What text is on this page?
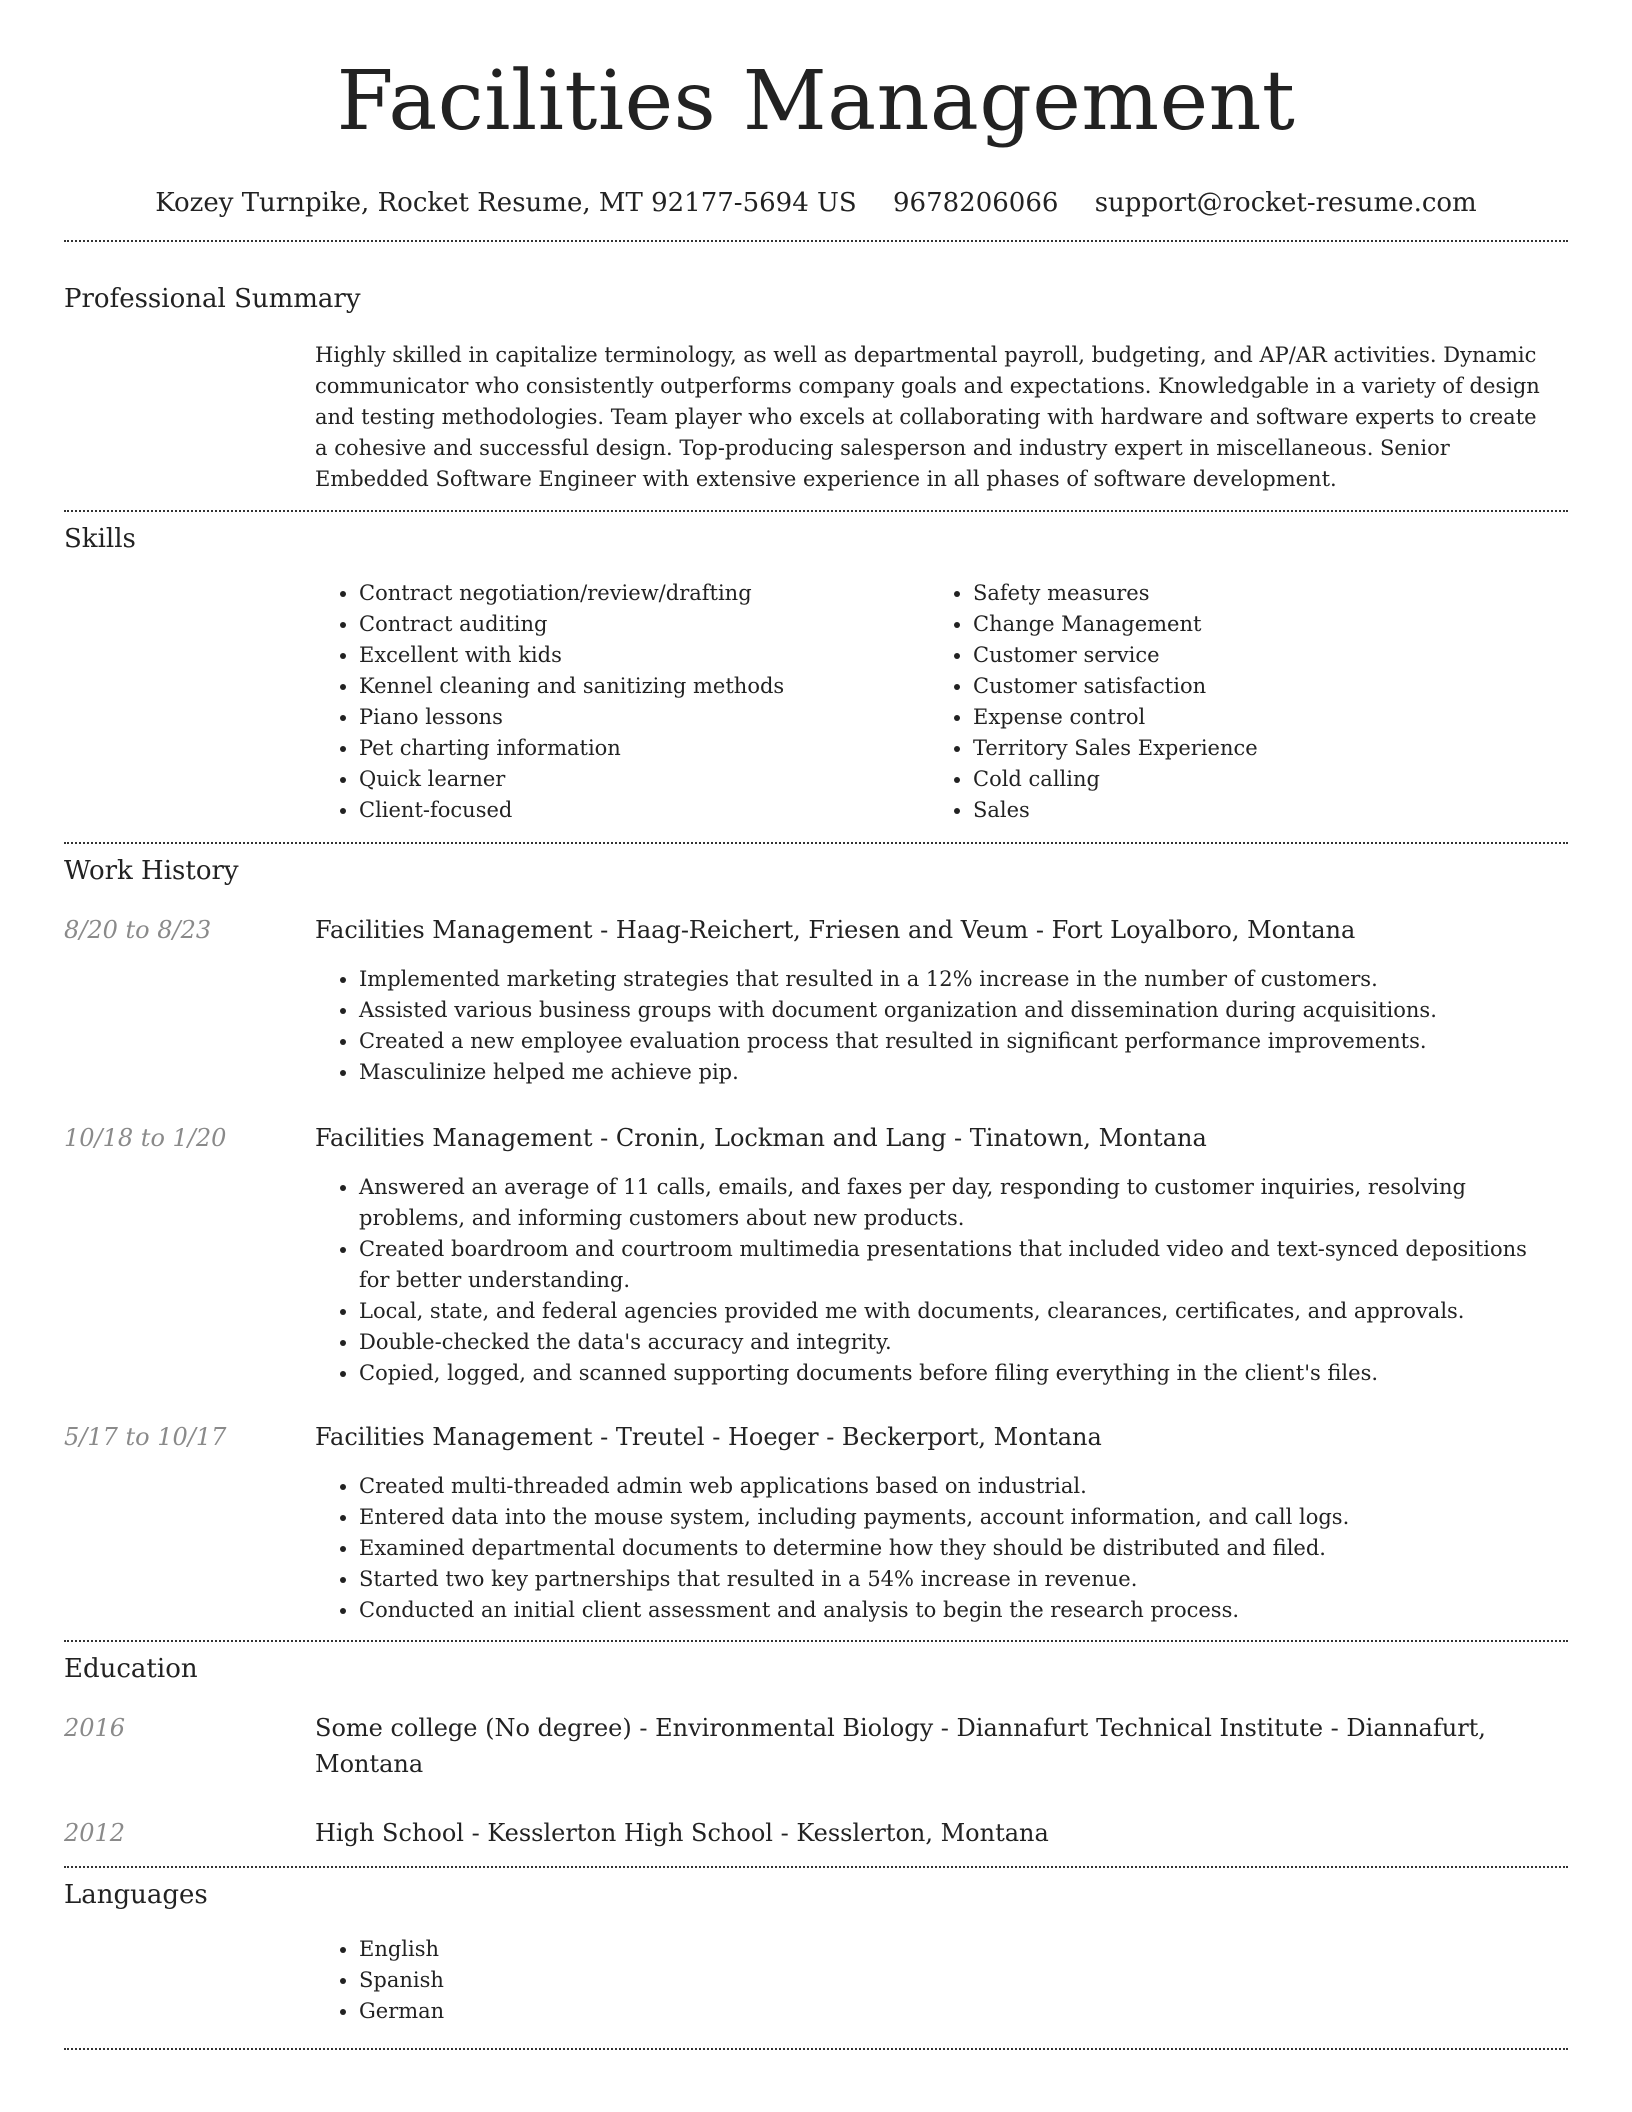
Facilities Management
Kozey Turnpike, Rocket Resume, MT 92177-5694 US 9678206066 support@rocket-resume.com
Professional Summary

Highly skilled in capitalize terminology, as well as departmental payroll, budgeting, and AP/AR activities. Dynamic communicator who consistently outperforms company goals and expectations. Knowledgable in a variety of design and testing methodologies. Team player who excels at collaborating with hardware and software experts to create a cohesive and successful design. Top-producing salesperson and industry expert in miscellaneous. Senior Embedded Software Engineer with extensive experience in all phases of software development.

Skills
• Contract negotiation/review/drafting
• Contract auditing
• Excellent with kids
• Kennel cleaning and sanitizing methods
• Piano lessons
• Pet charting information
• Quick learner
• Client-focused
• Safety measures
• Change Management
• Customer service
• Customer satisfaction
• Expense control
• Territory Sales Experience
• Cold calling
• Sales
Work History
8/20 to 8/23	Facilities Management - Haag-Reichert, Friesen and Veum - Fort Loyalboro, Montana
• Implemented marketing strategies that resulted in a 12% increase in the number of customers.
• Assisted various business groups with document organization and dissemination during acquisitions.
• Created a new employee evaluation process that resulted in significant performance improvements.
• Masculinize helped me achieve pip.
10/18 to 1/20	Facilities Management - Cronin, Lockman and Lang - Tinatown, Montana
• Answered an average of 11 calls, emails, and faxes per day, responding to customer inquiries, resolving problems, and informing customers about new products.
• Created boardroom and courtroom multimedia presentations that included video and text-synced depositions for better understanding.
• Local, state, and federal agencies provided me with documents, clearances, certificates, and approvals.
• Double-checked the data's accuracy and integrity.
• Copied, logged, and scanned supporting documents before filing everything in the client's files.
5/17 to 10/17	Facilities Management - Treutel - Hoeger - Beckerport, Montana
• Created multi-threaded admin web applications based on industrial.
• Entered data into the mouse system, including payments, account information, and call logs.
• Examined departmental documents to determine how they should be distributed and filed.
• Started two key partnerships that resulted in a 54% increase in revenue.
• Conducted an initial client assessment and analysis to begin the research process.
Education
2016	Some college (No degree) - Environmental Biology - Diannafurt Technical Institute - Diannafurt, Montana
2012	High School - Kesslerton High School - Kesslerton, Montana
Languages
• English
• Spanish
• German
